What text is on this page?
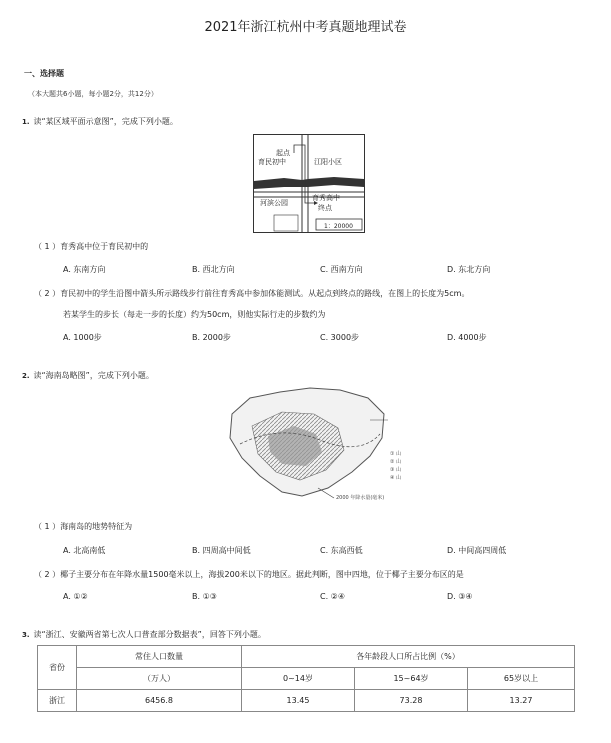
2021年浙江杭州中考真题地理试卷
一、选择题
（本大题共6小题，每小题2分，共12分）
1. 读“某区域平面示意图”，完成下列小题。
起点
育民初中	江阳小区
河滨公园
育秀高中
终点
1：20000
（ 1 ）育秀高中位于育民初中的
A. 东南方向	B. 西北方向	C. 西南方向	D. 东北方向
（ 2 ）育民初中的学生沿图中箭头所示路线步行前往育秀高中参加体能测试。从起点到终点的路线，在图上的长度为5cm。
若某学生的步长（每走一步的长度）约为50cm，则他实际行走的步数约为
A. 1000步	B. 2000步	C. 3000步	D. 4000步
2. 读“海南岛略图”，完成下列小题。
① 山
② 山
③ 山
④ 山
2000 年降水量(毫米)
（ 1 ）海南岛的地势特征为
A. 北高南低	B. 四周高中间低	C. 东高西低	D. 中间高四周低
（ 2 ）椰子主要分布在年降水量1500毫米以上，海拔200米以下的地区。据此判断，图中四地，位于椰子主要分布区的是
A. ①②	B. ①③	C. ②④	D. ③④
3. 读“浙江、安徽两省第七次人口普查部分数据表”，回答下列小题。
省份	常住人口数量	各年龄段人口所占比例（%）		
	（万人）	0~14岁	15~64岁	65岁以上
浙江	6456.8	13.45	73.28	13.27
